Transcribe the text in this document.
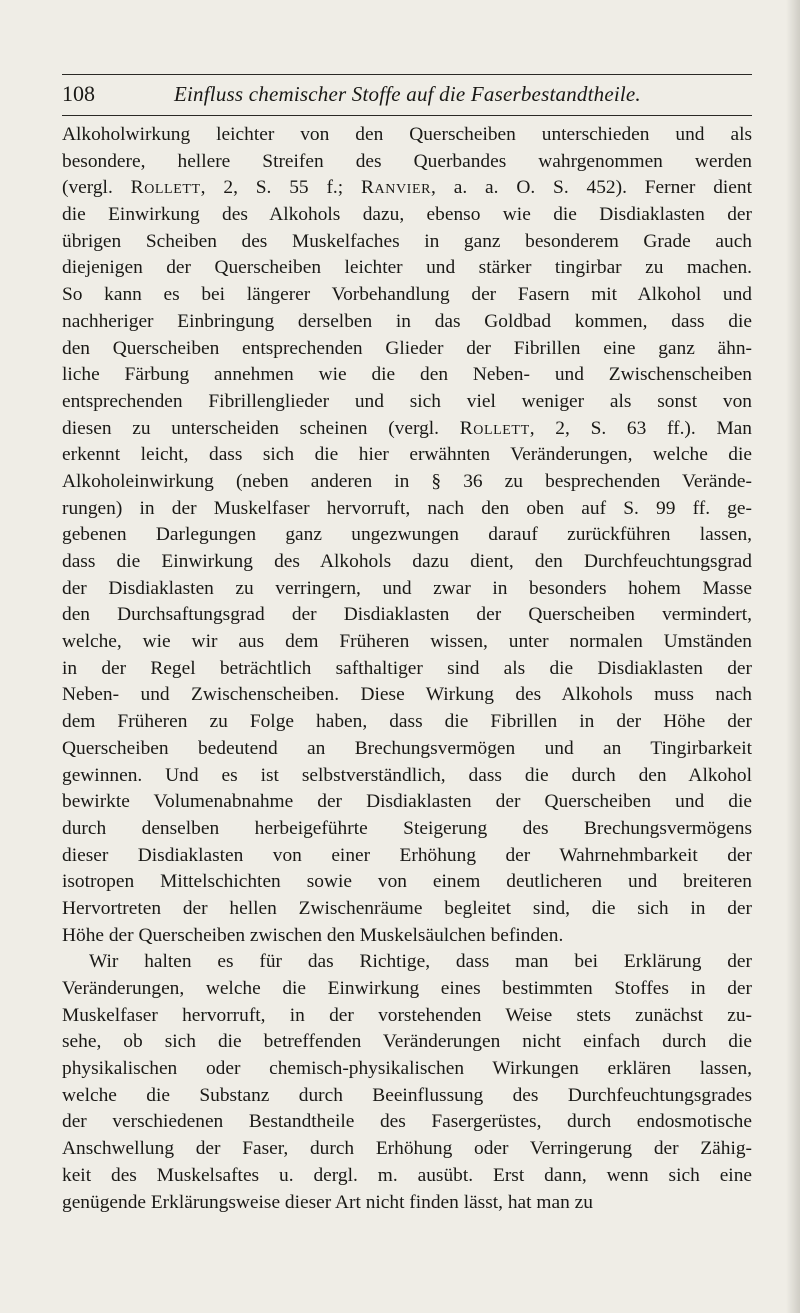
108	Einfluss chemischer Stoffe auf die Faserbestandtheile.
Alkoholwirkung leichter von den Querscheiben unterschieden und als
besondere, hellere Streifen des Querbandes wahrgenommen werden
(vergl. Rollett, 2, S. 55 f.; Ranvier, a. a. O. S. 452). Ferner dient
die Einwirkung des Alkohols dazu, ebenso wie die Disdiaklasten der
übrigen Scheiben des Muskelfaches in ganz besonderem Grade auch
diejenigen der Querscheiben leichter und stärker tingirbar zu machen.
So kann es bei längerer Vorbehandlung der Fasern mit Alkohol und
nachheriger Einbringung derselben in das Goldbad kommen, dass die
den Querscheiben entsprechenden Glieder der Fibrillen eine ganz ähn-
liche Färbung annehmen wie die den Neben- und Zwischenscheiben
entsprechenden Fibrillenglieder und sich viel weniger als sonst von
diesen zu unterscheiden scheinen (vergl. Rollett, 2, S. 63 ff.). Man
erkennt leicht, dass sich die hier erwähnten Veränderungen, welche die
Alkoholeinwirkung (neben anderen in § 36 zu besprechenden Verände-
rungen) in der Muskelfaser hervorruft, nach den oben auf S. 99 ff. ge-
gebenen Darlegungen ganz ungezwungen darauf zurückführen lassen,
dass die Einwirkung des Alkohols dazu dient, den Durchfeuchtungsgrad
der Disdiaklasten zu verringern, und zwar in besonders hohem Masse
den Durchsaftungsgrad der Disdiaklasten der Querscheiben vermindert,
welche, wie wir aus dem Früheren wissen, unter normalen Umständen
in der Regel beträchtlich safthaltiger sind als die Disdiaklasten der
Neben- und Zwischenscheiben. Diese Wirkung des Alkohols muss nach
dem Früheren zu Folge haben, dass die Fibrillen in der Höhe der
Querscheiben bedeutend an Brechungsvermögen und an Tingirbarkeit
gewinnen. Und es ist selbstverständlich, dass die durch den Alkohol
bewirkte Volumenabnahme der Disdiaklasten der Querscheiben und die
durch denselben herbeigeführte Steigerung des Brechungsvermögens
dieser Disdiaklasten von einer Erhöhung der Wahrnehmbarkeit der
isotropen Mittelschichten sowie von einem deutlicheren und breiteren
Hervortreten der hellen Zwischenräume begleitet sind, die sich in der
Höhe der Querscheiben zwischen den Muskelsäulchen befinden.
Wir halten es für das Richtige, dass man bei Erklärung der
Veränderungen, welche die Einwirkung eines bestimmten Stoffes in der
Muskelfaser hervorruft, in der vorstehenden Weise stets zunächst zu-
sehe, ob sich die betreffenden Veränderungen nicht einfach durch die
physikalischen oder chemisch-physikalischen Wirkungen erklären lassen,
welche die Substanz durch Beeinflussung des Durchfeuchtungsgrades
der verschiedenen Bestandtheile des Fasergerüstes, durch endosmotische
Anschwellung der Faser, durch Erhöhung oder Verringerung der Zähig-
keit des Muskelsaftes u. dergl. m. ausübt. Erst dann, wenn sich eine
genügende Erklärungsweise dieser Art nicht finden lässt, hat man zu
